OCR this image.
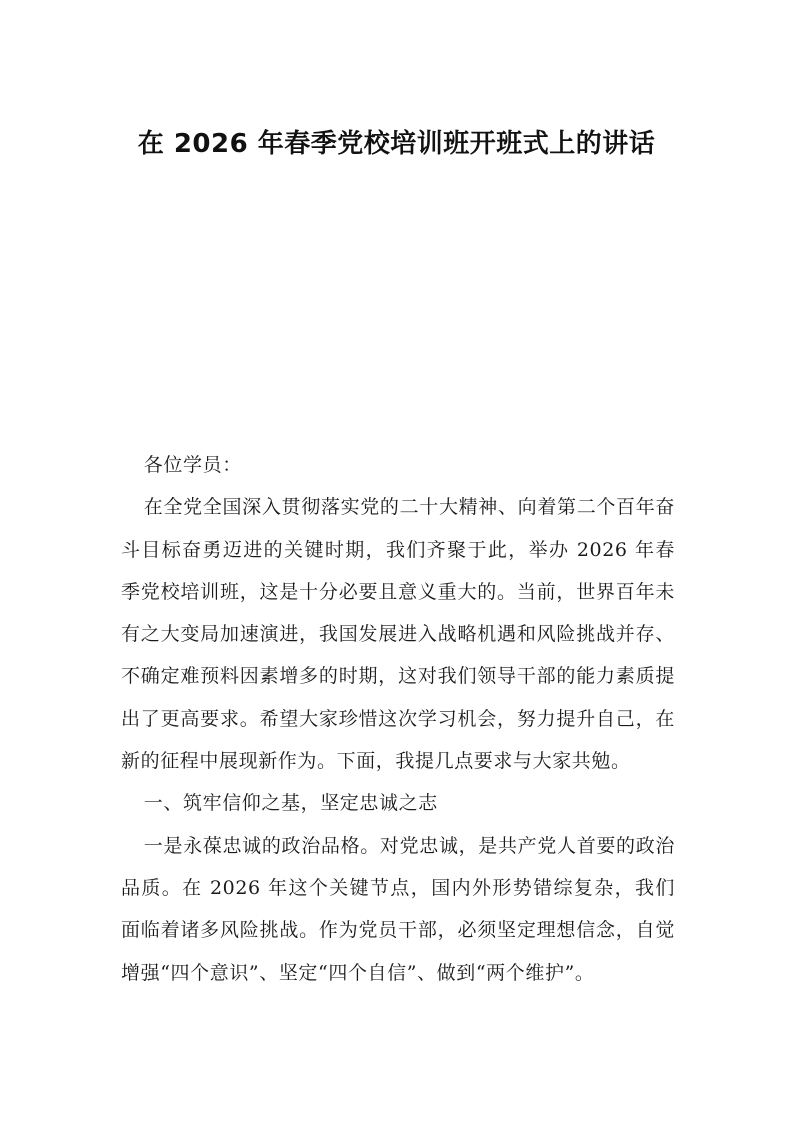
在 2026 年春季党校培训班开班式上的讲话

各位学员：

在全党全国深入贯彻落实党的二十大精神、向着第二个百年奋斗目标奋勇迈进的关键时期，我们齐聚于此，举办 2026 年春季党校培训班，这是十分必要且意义重大的。当前，世界百年未有之大变局加速演进，我国发展进入战略机遇和风险挑战并存、不确定难预料因素增多的时期，这对我们领导干部的能力素质提出了更高要求。希望大家珍惜这次学习机会，努力提升自己，在新的征程中展现新作为。下面，我提几点要求与大家共勉。

一、筑牢信仰之基，坚定忠诚之志

一是永葆忠诚的政治品格。对党忠诚，是共产党人首要的政治品质。在 2026 年这个关键节点，国内外形势错综复杂，我们面临着诸多风险挑战。作为党员干部，必须坚定理想信念，自觉增强“四个意识”、坚定“四个自信”、做到“两个维护”。
